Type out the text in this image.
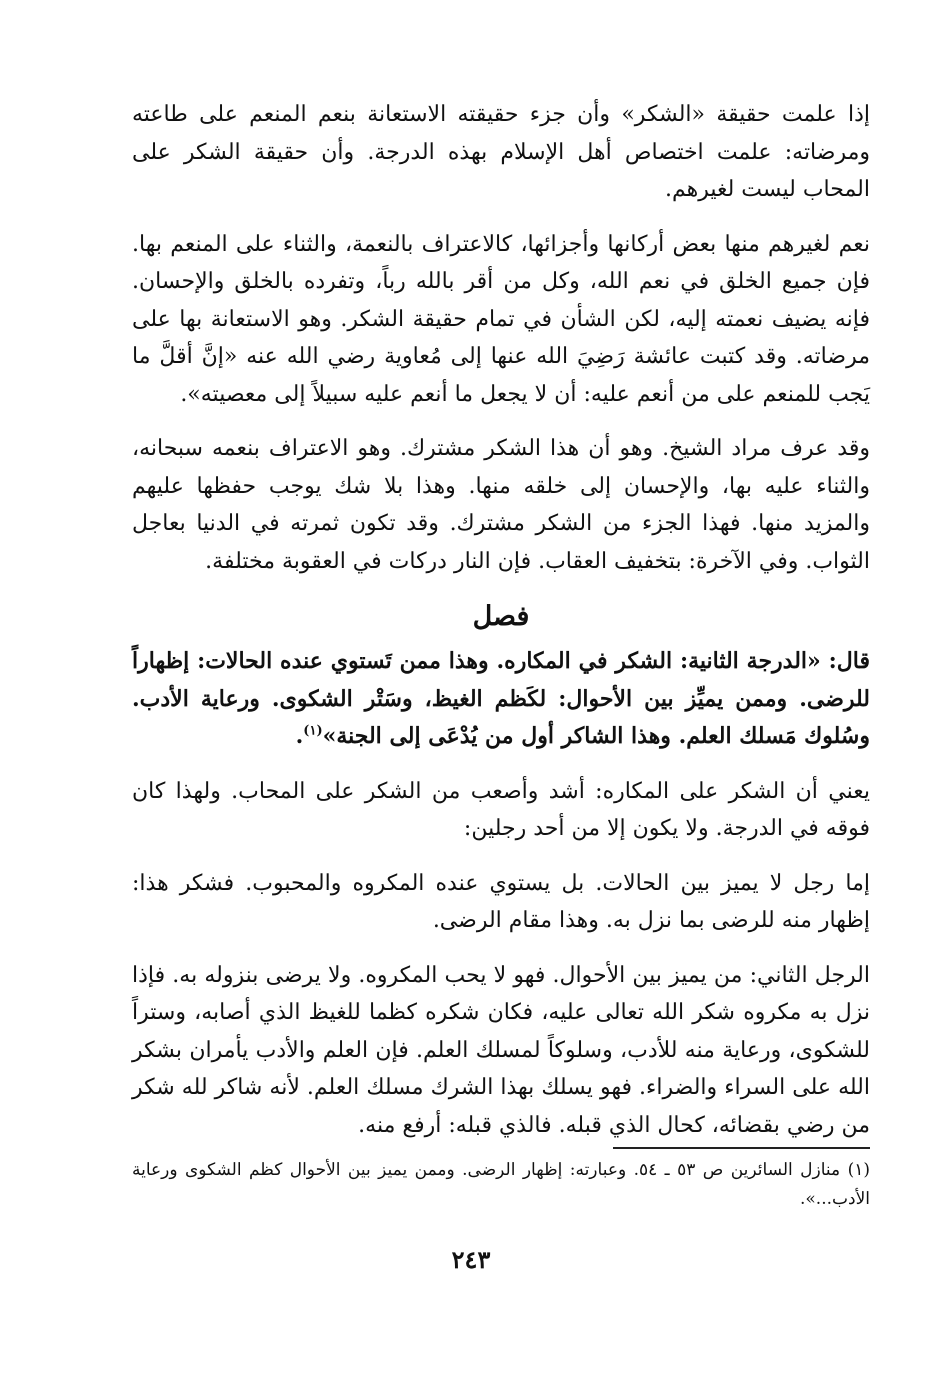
إذا علمت حقيقة «الشكر» وأن جزء حقيقته الاستعانة بنعم المنعم على طاعته ومرضاته: علمت اختصاص أهل الإسلام بهذه الدرجة. وأن حقيقة الشكر على المحاب ليست لغيرهم.

نعم لغيرهم منها بعض أركانها وأجزائها، كالاعتراف بالنعمة، والثناء على المنعم بها. فإن جميع الخلق في نعم الله، وكل من أقر بالله رباً، وتفرده بالخلق والإحسان. فإنه يضيف نعمته إليه، لكن الشأن في تمام حقيقة الشكر. وهو الاستعانة بها على مرضاته. وقد كتبت عائشة رَضِيَ الله عنها إلى مُعاوية رضي الله عنه «إنَّ أقلَّ ما يَجب للمنعم على من أنعم عليه: أن لا يجعل ما أنعم عليه سبيلاً إلى معصيته».

وقد عرف مراد الشيخ. وهو أن هذا الشكر مشترك. وهو الاعتراف بنعمه سبحانه، والثناء عليه بها، والإحسان إلى خلقه منها. وهذا بلا شك يوجب حفظها عليهم والمزيد منها. فهذا الجزء من الشكر مشترك. وقد تكون ثمرته في الدنيا بعاجل الثواب. وفي الآخرة: بتخفيف العقاب. فإن النار دركات في العقوبة مختلفة.

فصل

قال: «الدرجة الثانية: الشكر في المكاره. وهذا ممن تَستوي عنده الحالات: إظهاراً للرضى. وممن يميِّز بين الأحوال: لكَظم الغيظ، وسَتْر الشكوى. ورعاية الأدب. وسُلوك مَسلك العلم. وهذا الشاكر أول من يُدْعَى إلى الجنة»$^{(١)}$.

يعني أن الشكر على المكاره: أشد وأصعب من الشكر على المحاب. ولهذا كان فوقه في الدرجة. ولا يكون إلا من أحد رجلين:

إما رجل لا يميز بين الحالات. بل يستوي عنده المكروه والمحبوب. فشكر هذا: إظهار منه للرضى بما نزل به. وهذا مقام الرضى.

الرجل الثاني: من يميز بين الأحوال. فهو لا يحب المكروه. ولا يرضى بنزوله به. فإذا نزل به مكروه شكر الله تعالى عليه، فكان شكره كظما للغيظ الذي أصابه، وستراً للشكوى، ورعاية منه للأدب، وسلوكاً لمسلك العلم. فإن العلم والأدب يأمران بشكر الله على السراء والضراء. فهو يسلك بهذا الشرك مسلك العلم. لأنه شاكر لله شكر من رضي بقضائه، كحال الذي قبله. فالذي قبله: أرفع منه.

(١) منازل السائرين ص ٥٣ ـ ٥٤. وعبارته: إظهار الرضى. وممن يميز بين الأحوال كظم الشكوى ورعاية الأدب...».
٢٤٣
